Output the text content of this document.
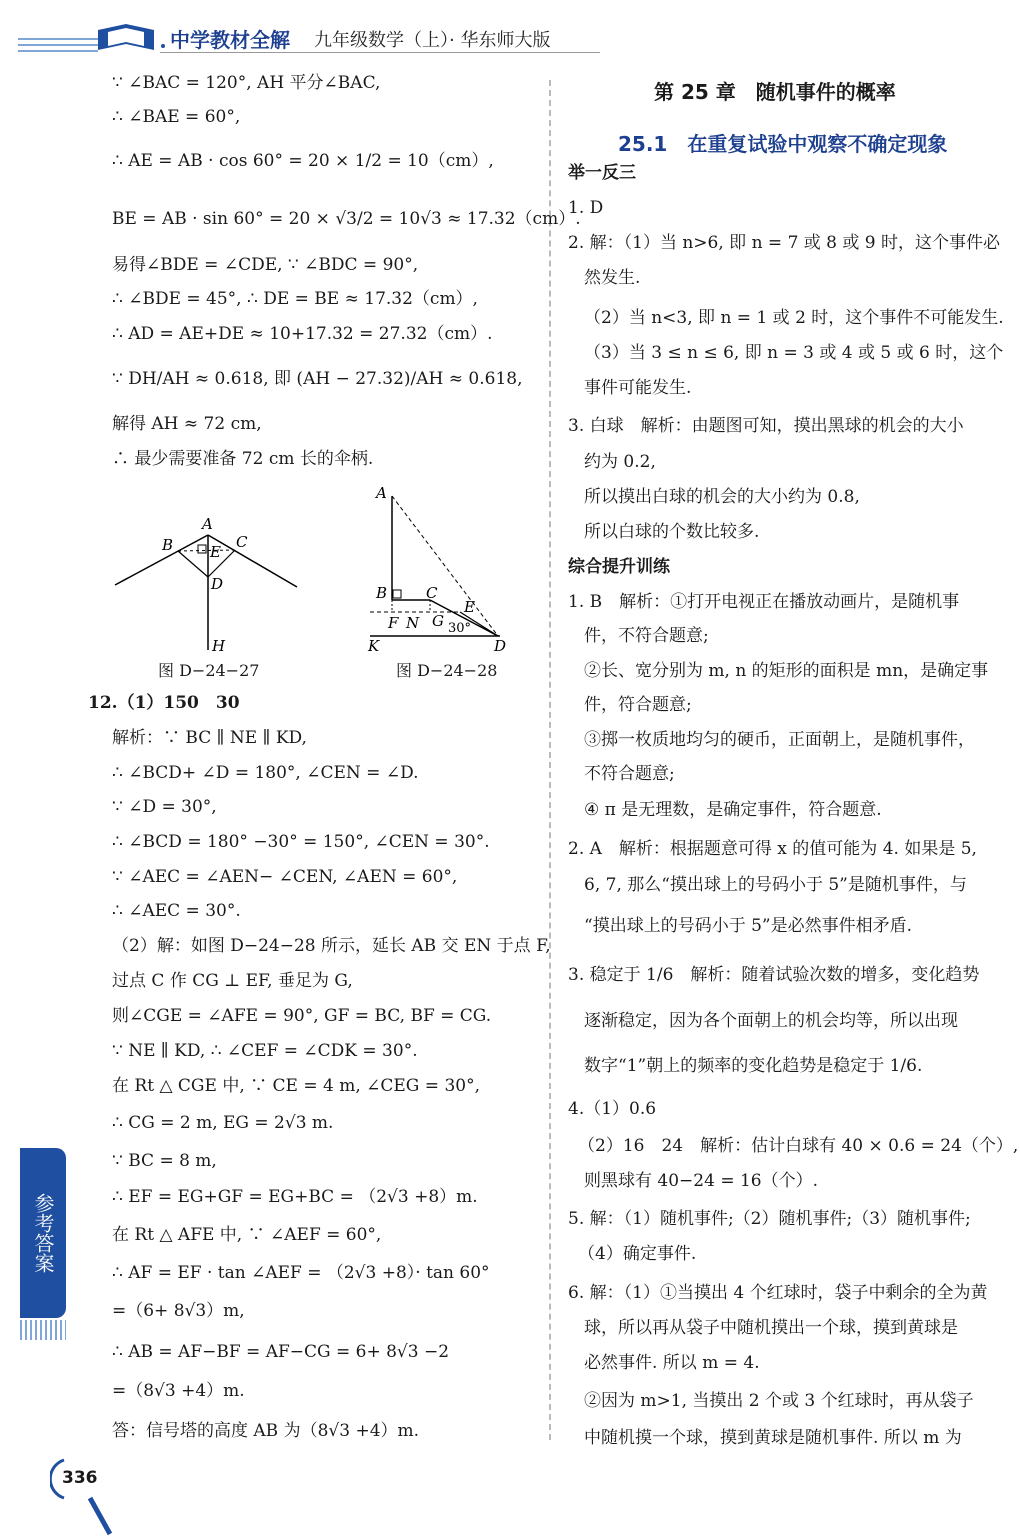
中学教材全解 九年级数学（上）· 华东师大版
∵ ∠BAC = 120°, AH 平分∠BAC,
∴ ∠BAE = 60°,
∴ AE = AB · cos 60° = 20 × 1/2 = 10（cm）,
BE = AB · sin 60° = 20 × √3/2 = 10√3 ≈ 17.32（cm）.
易得∠BDE = ∠CDE, ∵ ∠BDC = 90°,
∴ ∠BDE = 45°, ∴ DE = BE ≈ 17.32（cm）,
∴ AD = AE+DE ≈ 10+17.32 = 27.32（cm）.
∵ DH/AH ≈ 0.618, 即 (AH − 27.32)/AH ≈ 0.618,
解得 AH ≈ 72 cm,
∴ 最少需要准备 72 cm 长的伞柄.
A
B	C
E
D
H
A
B	C
E
F N G 30°
K	D
图 D−24−27	图 D−24−28
12.（1）150　30
解析：∵ BC ∥ NE ∥ KD,
∴ ∠BCD+ ∠D = 180°, ∠CEN = ∠D.
∵ ∠D = 30°,
∴ ∠BCD = 180° −30° = 150°, ∠CEN = 30°.
∵ ∠AEC = ∠AEN− ∠CEN, ∠AEN = 60°,
∴ ∠AEC = 30°.
（2）解：如图 D−24−28 所示，延长 AB 交 EN 于点 F,
过点 C 作 CG ⊥ EF, 垂足为 G,
则∠CGE = ∠AFE = 90°, GF = BC, BF = CG.
∵ NE ∥ KD, ∴ ∠CEF = ∠CDK = 30°.
在 Rt △ CGE 中, ∵ CE = 4 m, ∠CEG = 30°,
∴ CG = 2 m, EG = 2√3 m.
∵ BC = 8 m,
∴ EF = EG+GF = EG+BC = （2√3 +8）m.
在 Rt △ AFE 中, ∵ ∠AEF = 60°,
∴ AF = EF · tan ∠AEF = （2√3 +8）· tan 60°
=（6+ 8√3）m,
∴ AB = AF−BF = AF−CG = 6+ 8√3 −2
=（8√3 +4）m.
答：信号塔的高度 AB 为（8√3 +4）m.
第 25 章　随机事件的概率
25.1　在重复试验中观察不确定现象
举一反三
1. D
2. 解：（1）当 n>6, 即 n = 7 或 8 或 9 时，这个事件必
然发生.
（2）当 n<3, 即 n = 1 或 2 时，这个事件不可能发生.
（3）当 3 ≤ n ≤ 6, 即 n = 3 或 4 或 5 或 6 时，这个
事件可能发生.
3. 白球　解析：由题图可知，摸出黑球的机会的大小
约为 0.2,
所以摸出白球的机会的大小约为 0.8,
所以白球的个数比较多.
综合提升训练
1. B　解析：①打开电视正在播放动画片，是随机事
件，不符合题意;
②长、宽分别为 m, n 的矩形的面积是 mn，是确定事
件，符合题意;
③掷一枚质地均匀的硬币，正面朝上，是随机事件，
不符合题意;
④ π 是无理数，是确定事件，符合题意.
2. A　解析：根据题意可得 x 的值可能为 4. 如果是 5,
6, 7, 那么“摸出球上的号码小于 5”是随机事件，与
“摸出球上的号码小于 5”是必然事件相矛盾.
3. 稳定于 1/6　解析：随着试验次数的增多，变化趋势
逐渐稳定，因为各个面朝上的机会均等，所以出现
数字“1”朝上的频率的变化趋势是稳定于 1/6.
4.（1）0.6
（2）16　24　解析：估计白球有 40 × 0.6 = 24（个）,
则黑球有 40−24 = 16（个）.
5. 解：（1）随机事件;（2）随机事件;（3）随机事件;
（4）确定事件.
6. 解：（1）①当摸出 4 个红球时，袋子中剩余的全为黄
球，所以再从袋子中随机摸出一个球，摸到黄球是
必然事件. 所以 m = 4.
②因为 m>1, 当摸出 2 个或 3 个红球时，再从袋子
中随机摸一个球，摸到黄球是随机事件. 所以 m 为
参考答案
336
